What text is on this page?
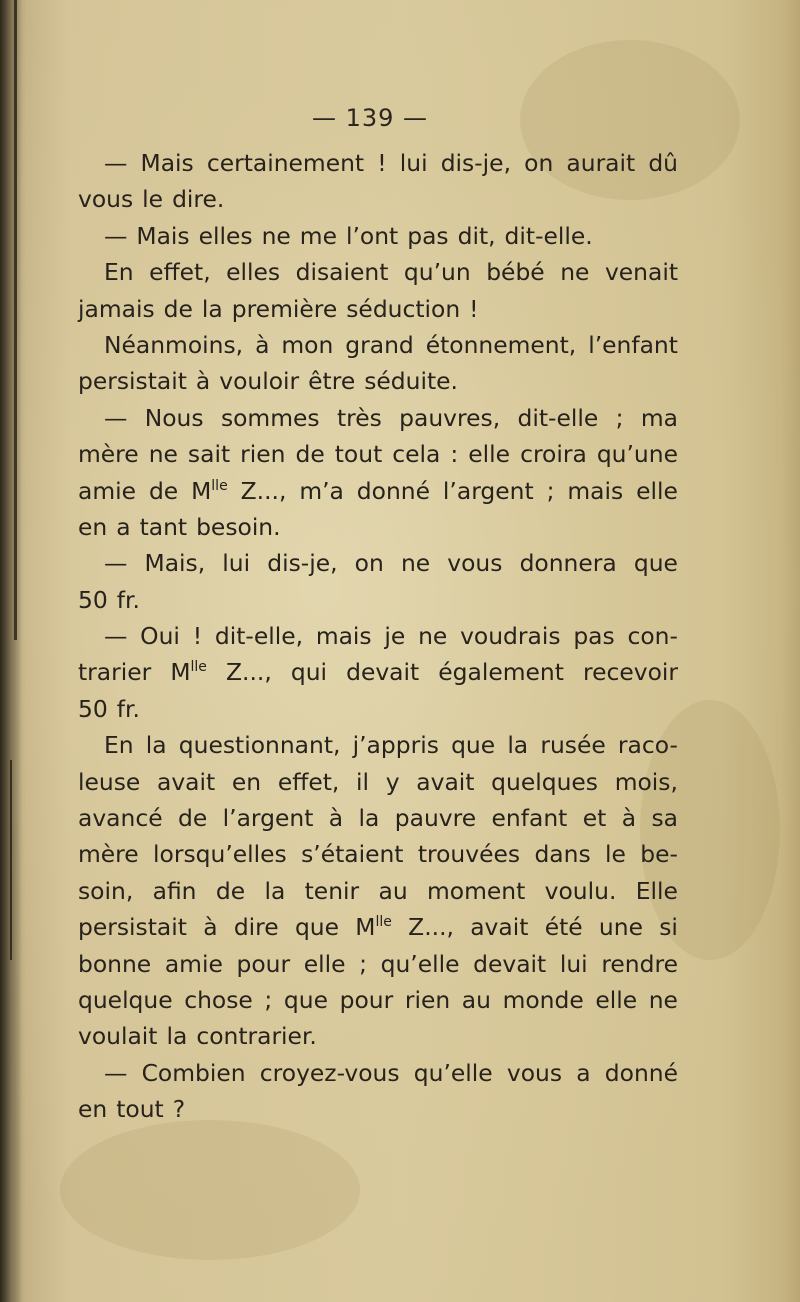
— 139 —
— Mais certainement ! lui dis-je, on aurait dû
vous le dire.
— Mais elles ne me l’ont pas dit, dit-elle.
En effet, elles disaient qu’un bébé ne venait
jamais de la première séduction !
Néanmoins, à mon grand étonnement, l’enfant
persistait à vouloir être séduite.
— Nous sommes très pauvres, dit-elle ; ma
mère ne sait rien de tout cela : elle croira qu’une
amie de $M^{lle}$ Z..., m’a donné l’argent ; mais elle
en a tant besoin.
— Mais, lui dis-je, on ne vous donnera que
50 fr.
— Oui ! dit-elle, mais je ne voudrais pas con-
trarier $M^{lle}$ Z..., qui devait également recevoir
50 fr.
En la questionnant, j’appris que la rusée raco-
leuse avait en effet, il y avait quelques mois,
avancé de l’argent à la pauvre enfant et à sa
mère lorsqu’elles s’étaient trouvées dans le be-
soin, afin de la tenir au moment voulu. Elle
persistait à dire que $M^{lle}$ Z..., avait été une si
bonne amie pour elle ; qu’elle devait lui rendre
quelque chose ; que pour rien au monde elle ne
voulait la contrarier.
— Combien croyez-vous qu’elle vous a donné
en tout ?
